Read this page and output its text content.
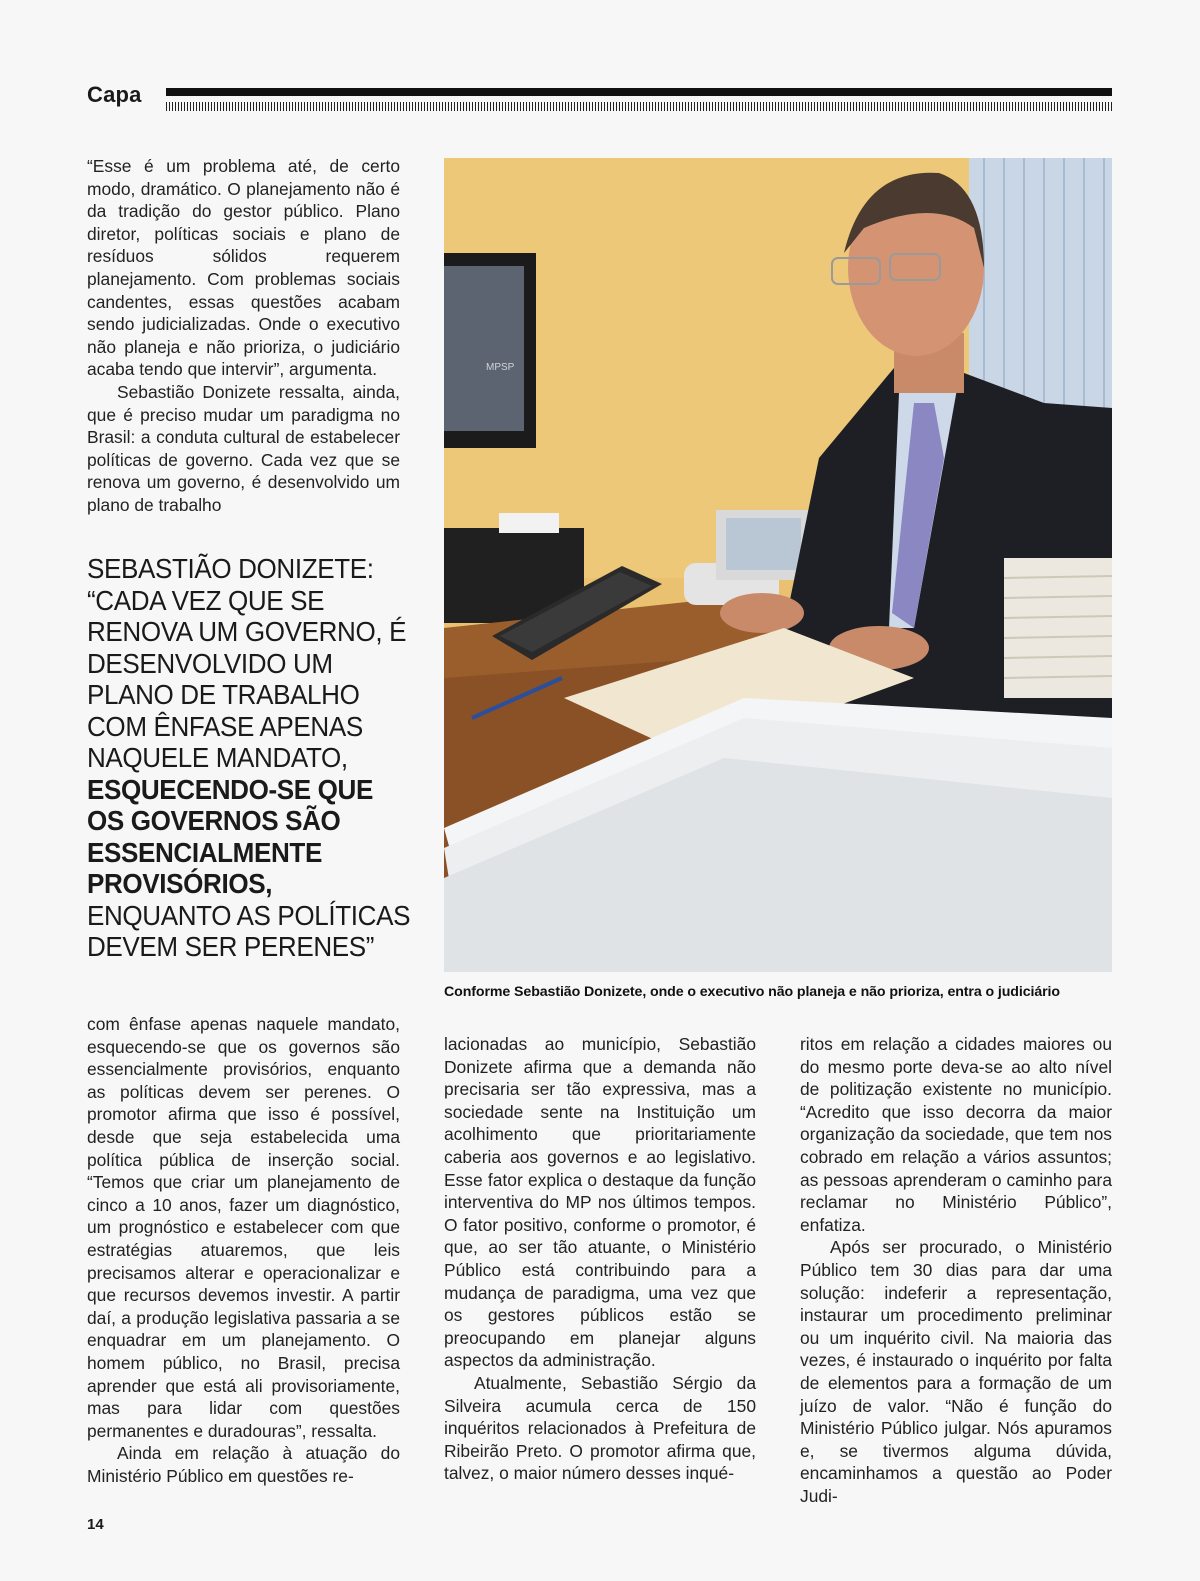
Capa

“Esse é um problema até, de certo modo, dramático. O planejamento não é da tradição do gestor público. Plano diretor, políticas sociais e plano de resíduos sólidos requerem planejamento. Com problemas sociais candentes, essas questões acabam sendo judicializadas. Onde o executivo não planeja e não prioriza, o judiciário acaba tendo que intervir”, argumenta.

Sebastião Donizete ressalta, ainda, que é preciso mudar um paradigma no Brasil: a conduta cultural de estabelecer políticas de governo. Cada vez que se renova um governo, é desenvolvido um plano de trabalho

SEBASTIÃO DONIZETE: “CADA VEZ QUE SE RENOVA UM GOVERNO, É DESENVOLVIDO UM PLANO DE TRABALHO COM ÊNFASE APENAS NAQUELE MANDATO, ESQUECENDO-SE QUE OS GOVERNOS SÃO ESSENCIALMENTE PROVISÓRIOS, ENQUANTO AS POLÍTICAS DEVEM SER PERENES”
MPSP
Conforme Sebastião Donizete, onde o executivo não planeja e não prioriza, entra o judiciário

com ênfase apenas naquele mandato, esquecendo-se que os governos são essencialmente provisórios, enquanto as políticas devem ser perenes. O promotor afirma que isso é possível, desde que seja estabelecida uma política pública de inserção social. “Temos que criar um planejamento de cinco a 10 anos, fazer um diagnóstico, um prognóstico e estabelecer com que estratégias atuaremos, que leis precisamos alterar e operacionalizar e que recursos devemos investir. A partir daí, a produção legislativa passaria a se enquadrar em um planejamento. O homem público, no Brasil, precisa aprender que está ali provisoriamente, mas para lidar com questões permanentes e duradouras”, ressalta.

Ainda em relação à atuação do Ministério Público em questões re-

lacionadas ao município, Sebastião Donizete afirma que a demanda não precisaria ser tão expressiva, mas a sociedade sente na Instituição um acolhimento que prioritariamente caberia aos governos e ao legislativo. Esse fator explica o destaque da função interventiva do MP nos últimos tempos. O fator positivo, conforme o promotor, é que, ao ser tão atuante, o Ministério Público está contribuindo para a mudança de paradigma, uma vez que os gestores públicos estão se preocupando em planejar alguns aspectos da administração.

Atualmente, Sebastião Sérgio da Silveira acumula cerca de 150 inquéritos relacionados à Prefeitura de Ribeirão Preto. O promotor afirma que, talvez, o maior número desses inqué-

ritos em relação a cidades maiores ou do mesmo porte deva-se ao alto nível de politização existente no município. “Acredito que isso decorra da maior organização da sociedade, que tem nos cobrado em relação a vários assuntos; as pessoas aprenderam o caminho para reclamar no Ministério Público”, enfatiza.

Após ser procurado, o Ministério Público tem 30 dias para dar uma solução: indeferir a representação, instaurar um procedimento preliminar ou um inquérito civil. Na maioria das vezes, é instaurado o inquérito por falta de elementos para a formação de um juízo de valor. “Não é função do Ministério Público julgar. Nós apuramos e, se tivermos alguma dúvida, encaminhamos a questão ao Poder Judi-

14
